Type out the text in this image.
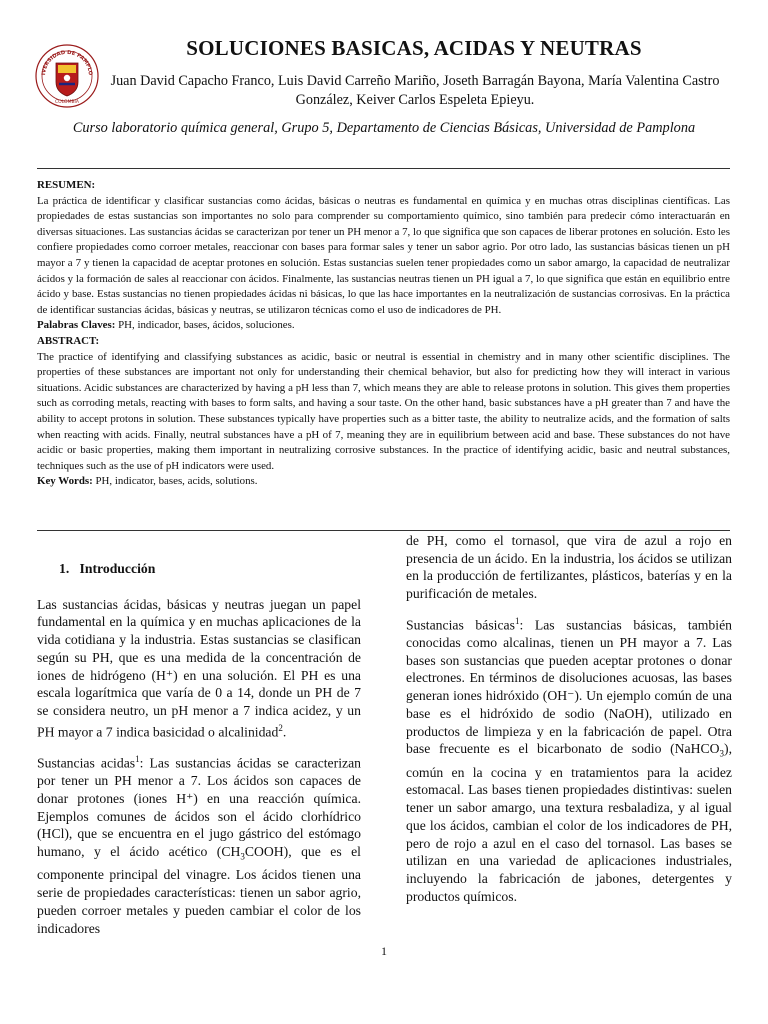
IVERSIDAD DE PAMPLO
COLOMBIA
SOLUCIONES BASICAS, ACIDAS Y NEUTRAS
Juan David Capacho Franco, Luis David Carreño Mariño, Joseth Barragán Bayona, María Valentina Castro González, Keiver Carlos Espeleta Epieyu.
Curso laboratorio química general, Grupo 5, Departamento de Ciencias Básicas, Universidad de Pamplona

RESUMEN:

La práctica de identificar y clasificar sustancias como ácidas, básicas o neutras es fundamental en química y en muchas otras disciplinas científicas. Las propiedades de estas sustancias son importantes no solo para comprender su comportamiento químico, sino también para predecir cómo interactuarán en diversas situaciones. Las sustancias ácidas se caracterizan por tener un PH menor a 7, lo que significa que son capaces de liberar protones en solución. Esto les confiere propiedades como corroer metales, reaccionar con bases para formar sales y tener un sabor agrio. Por otro lado, las sustancias básicas tienen un pH mayor a 7 y tienen la capacidad de aceptar protones en solución. Estas sustancias suelen tener propiedades como un sabor amargo, la capacidad de neutralizar ácidos y la formación de sales al reaccionar con ácidos. Finalmente, las sustancias neutras tienen un PH igual a 7, lo que significa que están en equilibrio entre ácido y base. Estas sustancias no tienen propiedades ácidas ni básicas, lo que las hace importantes en la neutralización de sustancias corrosivas. En la práctica de identificar sustancias ácidas, básicas y neutras, se utilizaron técnicas como el uso de indicadores de PH.

Palabras Claves: PH, indicador, bases, ácidos, soluciones.

ABSTRACT:

The practice of identifying and classifying substances as acidic, basic or neutral is essential in chemistry and in many other scientific disciplines. The properties of these substances are important not only for understanding their chemical behavior, but also for predicting how they will interact in various situations. Acidic substances are characterized by having a pH less than 7, which means they are able to release protons in solution. This gives them properties such as corroding metals, reacting with bases to form salts, and having a sour taste. On the other hand, basic substances have a pH greater than 7 and have the ability to accept protons in solution. These substances typically have properties such as a bitter taste, the ability to neutralize acids, and the formation of salts when reacting with acids. Finally, neutral substances have a pH of 7, meaning they are in equilibrium between acid and base. These substances do not have acidic or basic properties, making them important in neutralizing corrosive substances. In the practice of identifying acidic, basic and neutral substances, techniques such as the use of pH indicators were used.

Key Words: PH, indicator, bases, acids, solutions.

1. Introducción

Las sustancias ácidas, básicas y neutras juegan un papel fundamental en la química y en muchas aplicaciones de la vida cotidiana y la industria. Estas sustancias se clasifican según su PH, que es una medida de la concentración de iones de hidrógeno (H⁺) en una solución. El PH es una escala logarítmica que varía de 0 a 14, donde un PH de 7 se considera neutro, un pH menor a 7 indica acidez, y un PH mayor a 7 indica basicidad o alcalinidad$^2$.

Sustancias acidas$^1$: Las sustancias ácidas se caracterizan por tener un PH menor a 7. Los ácidos son capaces de donar protones (iones H⁺) en una reacción química. Ejemplos comunes de ácidos son el ácido clorhídrico (HCl), que se encuentra en el jugo gástrico del estómago humano, y el ácido acético $(CH_3COOH)$, que es el componente principal del vinagre. Los ácidos tienen una serie de propiedades características: tienen un sabor agrio, pueden corroer metales y pueden cambiar el color de los indicadores

de PH, como el tornasol, que vira de azul a rojo en presencia de un ácido. En la industria, los ácidos se utilizan en la producción de fertilizantes, plásticos, baterías y en la purificación de metales.

Sustancias básicas$^1$: Las sustancias básicas, también conocidas como alcalinas, tienen un PH mayor a 7. Las bases son sustancias que pueden aceptar protones o donar electrones. En términos de disoluciones acuosas, las bases generan iones hidróxido (OH⁻). Un ejemplo común de una base es el hidróxido de sodio (NaOH), utilizado en productos de limpieza y en la fabricación de papel. Otra base frecuente es el bicarbonato de sodio (NaHCO$_3$), común en la cocina y en tratamientos para la acidez estomacal. Las bases tienen propiedades distintivas: suelen tener un sabor amargo, una textura resbaladiza, y al igual que los ácidos, cambian el color de los indicadores de PH, pero de rojo a azul en el caso del tornasol. Las bases se utilizan en una variedad de aplicaciones industriales, incluyendo la fabricación de jabones, detergentes y productos químicos.

1
